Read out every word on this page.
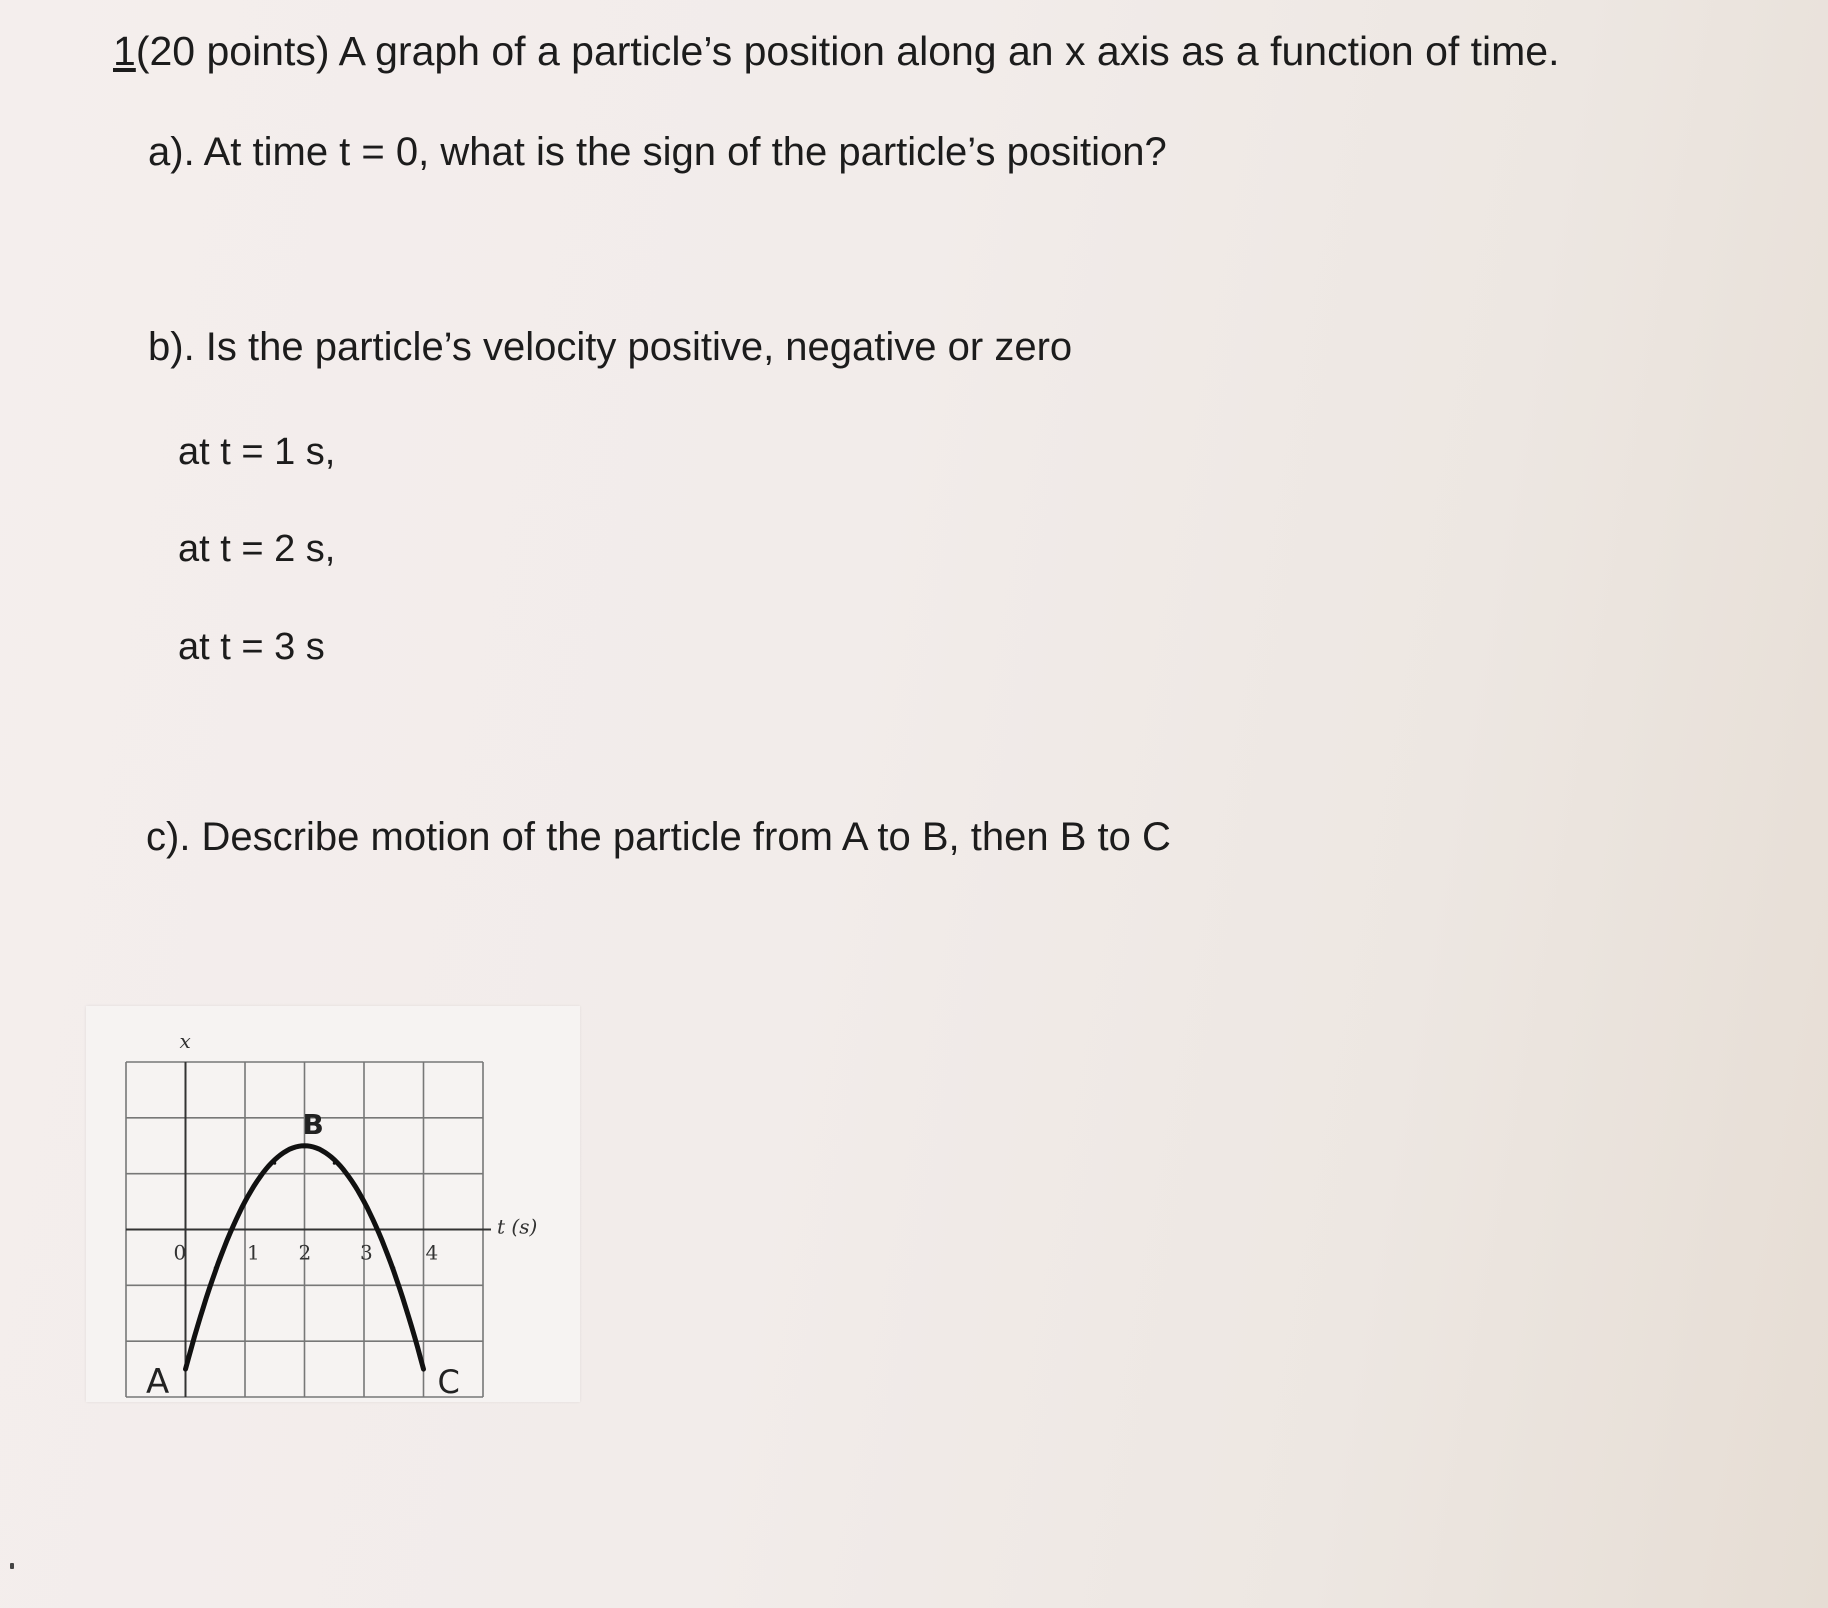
1(20 points) A graph of a particle’s position along an x axis as a function of time.

a). At time t = 0, what is the sign of the particle’s position?

b). Is the particle’s velocity positive, negative or zero

at t = 1 s,
at t = 2 s,
at t = 3 s

c). Describe motion of the particle from A to B, then B to C

0	1 2 3	4
t (s)
x
A
B
C
